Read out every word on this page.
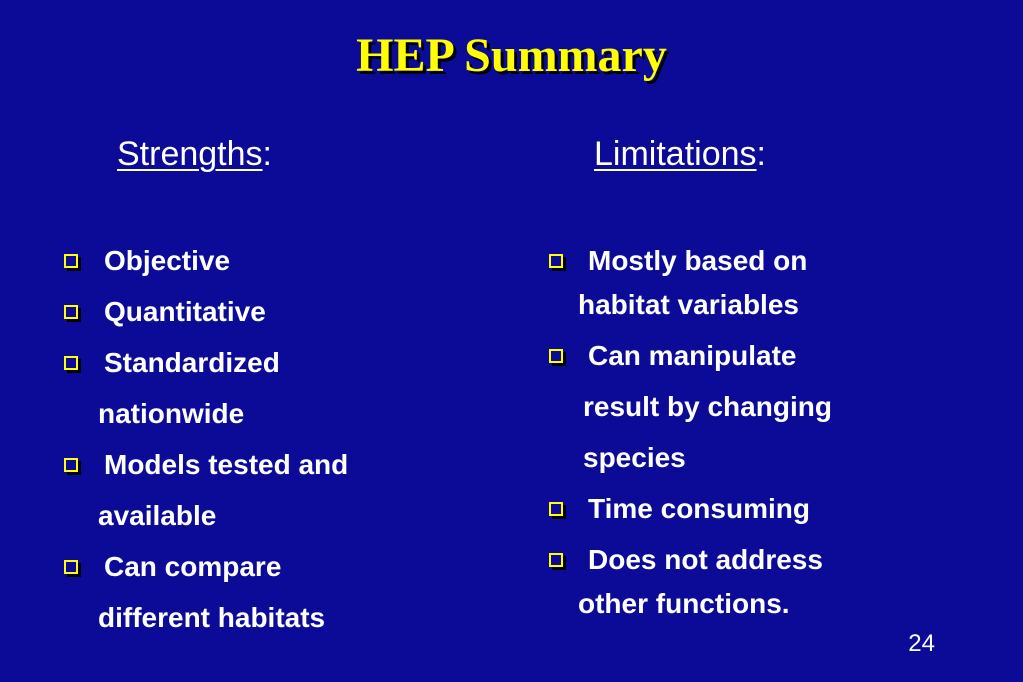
HEP Summary
Strengths:	Limitations:
Objective
Quantitative
Standardized
nationwide
Models tested and
available
Can compare
different habitats
Mostly based on
habitat variables
Can manipulate
result by changing
species
Time consuming
Does not address
other functions.
24
